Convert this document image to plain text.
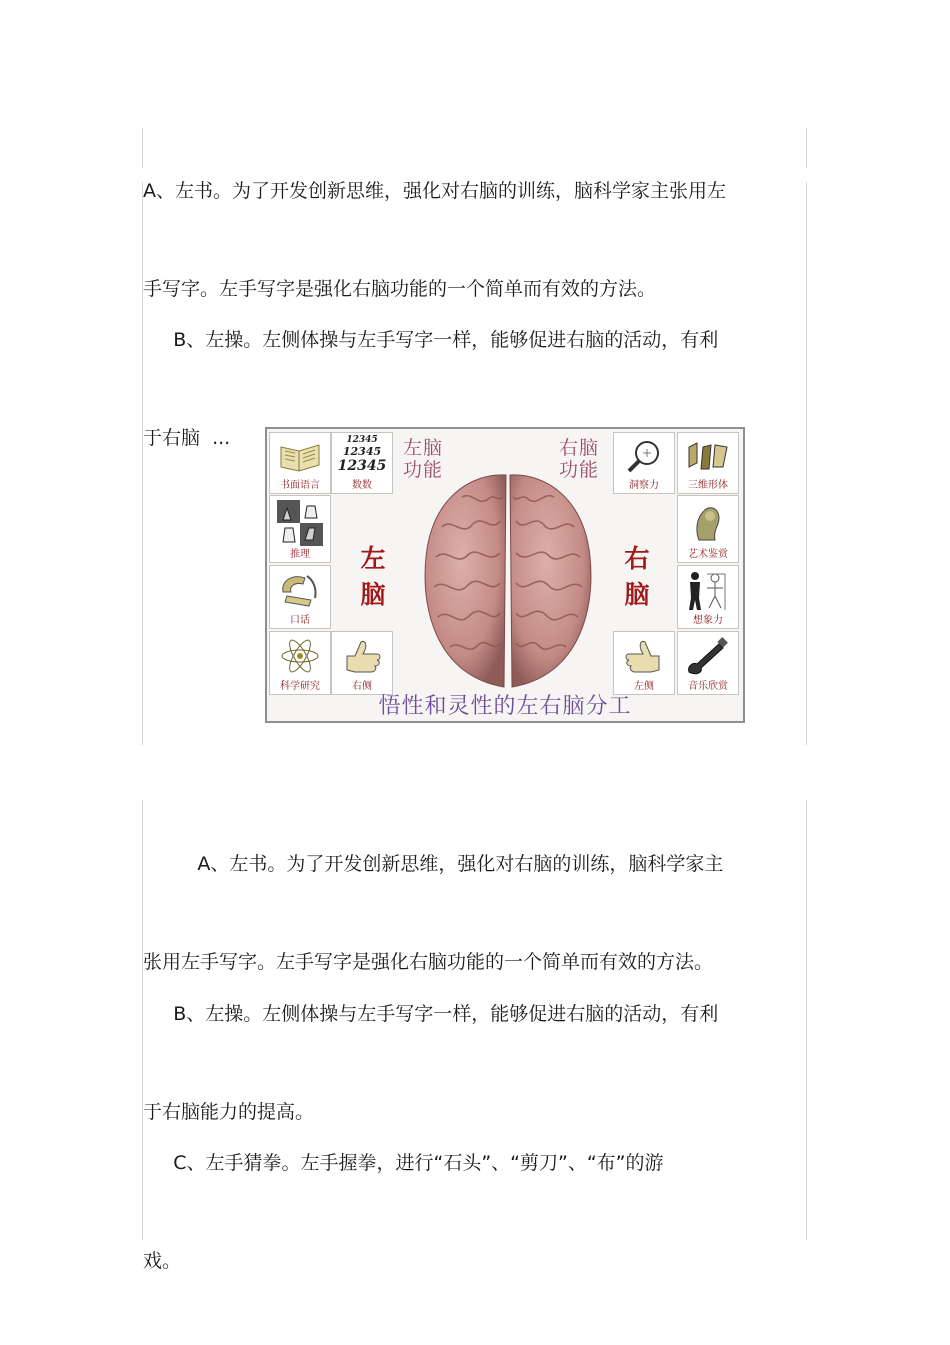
A、左书。为了开发创新思维，强化对右脑的训练，脑科学家主张用左

手写字。左手写字是强化右脑功能的一个简单而有效的方法。

B、左操。左侧体操与左手写字一样，能够促进右脑的活动，有利

于右脑  ...

书面语言
12345
12345
12345
数数
推理
口话
科学研究	右侧
洞察力	三维形体
艺术鉴赏
想象力
左侧	音乐欣赏
左脑
功能
右脑
功能
左
脑
右
脑
悟性和灵性的左右脑分工

A、左书。为了开发创新思维，强化对右脑的训练，脑科学家主

张用左手写字。左手写字是强化右脑功能的一个简单而有效的方法。

B、左操。左侧体操与左手写字一样，能够促进右脑的活动，有利

于右脑能力的提高。

C、左手猜拳。左手握拳，进行“石头”、“剪刀”、“布”的游

戏。
